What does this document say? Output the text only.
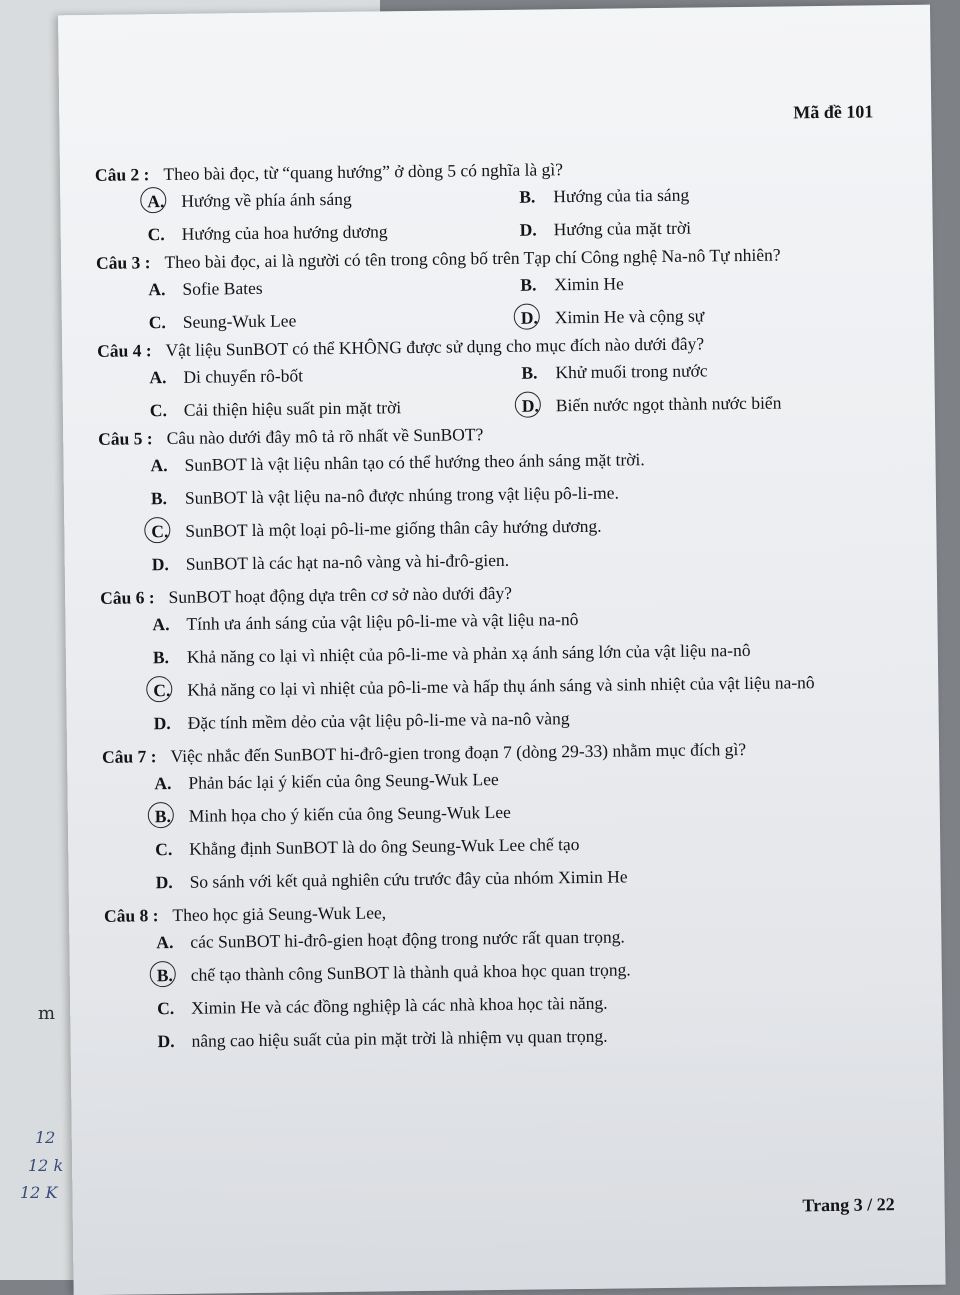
12
12 k
12 K
m
Mã đề 101
Câu 2 : Theo bài đọc, từ “quang hướng” ở dòng 5 có nghĩa là gì?
A. Hướng về phía ánh sáng	B.	Hướng của tia sáng
C. Hướng của hoa hướng dương	D. Hướng của mặt trời
Câu 3 : Theo bài đọc, ai là người có tên trong công bố trên Tạp chí Công nghệ Na-nô Tự nhiên?
A. Sofie Bates	B.	Ximin He
C. Seung-Wuk Lee	D. Ximin He và cộng sự
Câu 4 : Vật liệu SunBOT có thể KHÔNG được sử dụng cho mục đích nào dưới đây?
A. Di chuyển rô-bốt	B.	Khử muối trong nước
C. Cải thiện hiệu suất pin mặt trời	D. Biến nước ngọt thành nước biển
Câu 5 : Câu nào dưới đây mô tả rõ nhất về SunBOT?
A. SunBOT là vật liệu nhân tạo có thể hướng theo ánh sáng mặt trời.
B.	SunBOT là vật liệu na-nô được nhúng trong vật liệu pô-li-me.
C. SunBOT là một loại pô-li-me giống thân cây hướng dương.
D. SunBOT là các hạt na-nô vàng và hi-đrô-gien.
Câu 6 : SunBOT hoạt động dựa trên cơ sở nào dưới đây?
A. Tính ưa ánh sáng của vật liệu pô-li-me và vật liệu na-nô
B.	Khả năng co lại vì nhiệt của pô-li-me và phản xạ ánh sáng lớn của vật liệu na-nô
C. Khả năng co lại vì nhiệt của pô-li-me và hấp thụ ánh sáng và sinh nhiệt của vật liệu na-nô
D. Đặc tính mềm dẻo của vật liệu pô-li-me và na-nô vàng
Câu 7 : Việc nhắc đến SunBOT hi-đrô-gien trong đoạn 7 (dòng 29-33) nhằm mục đích gì?
A. Phản bác lại ý kiến của ông Seung-Wuk Lee
B.	Minh họa cho ý kiến của ông Seung-Wuk Lee
C. Khẳng định SunBOT là do ông Seung-Wuk Lee chế tạo
D. So sánh với kết quả nghiên cứu trước đây của nhóm Ximin He
Câu 8 : Theo học giả Seung-Wuk Lee,
A. các SunBOT hi-đrô-gien hoạt động trong nước rất quan trọng.
B.	chế tạo thành công SunBOT là thành quả khoa học quan trọng.
C. Ximin He và các đồng nghiệp là các nhà khoa học tài năng.
D. nâng cao hiệu suất của pin mặt trời là nhiệm vụ quan trọng.
Trang 3 / 22
